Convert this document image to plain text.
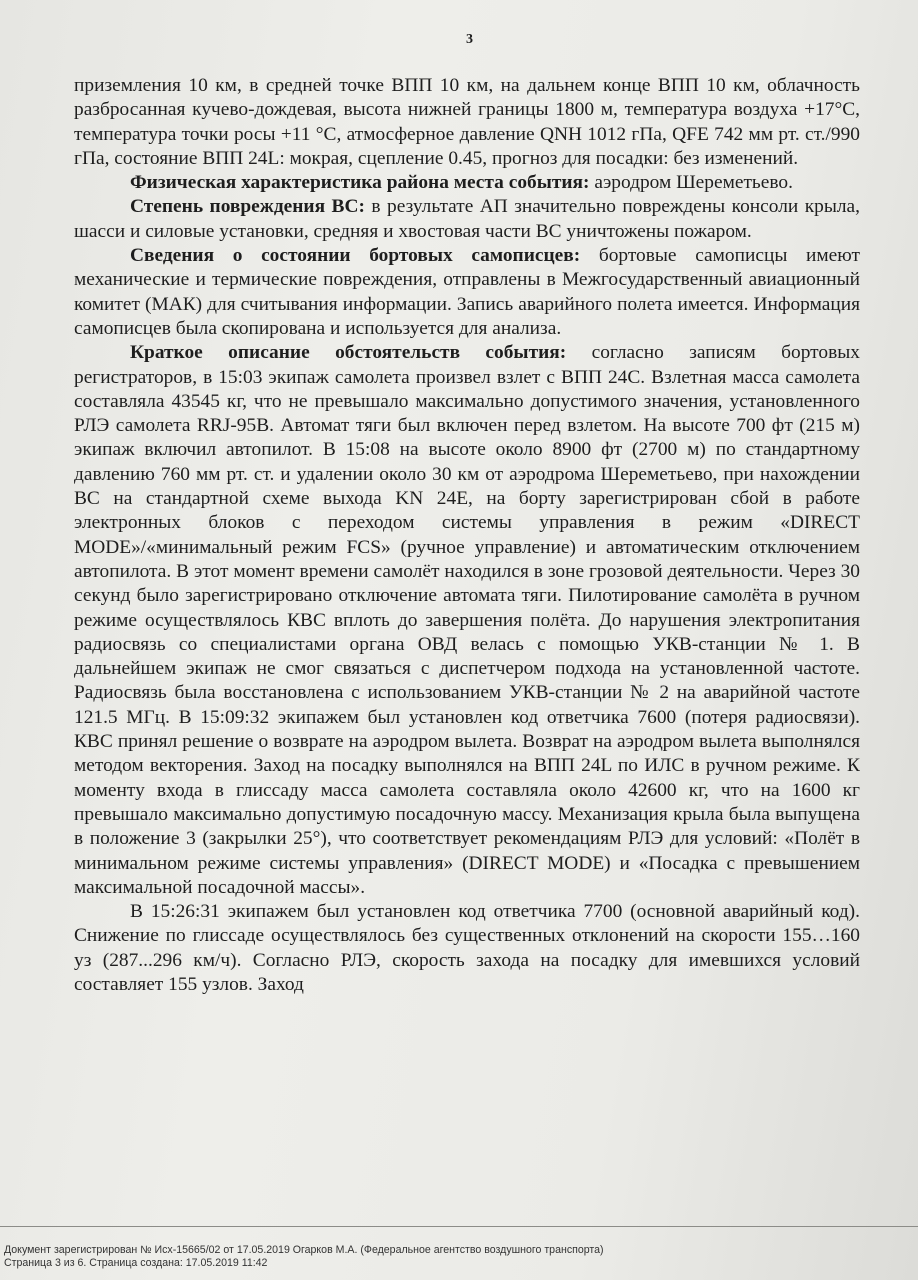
3

приземления 10 км, в средней точке ВПП 10 км, на дальнем конце ВПП 10 км, облачность разбросанная кучево-дождевая, высота нижней границы 1800 м, температура воздуха +17°С, температура точки росы +11 °С, атмосферное давление QNH 1012 гПа, QFE 742 мм рт. ст./990 гПа, состояние ВПП 24L: мокрая, сцепление 0.45, прогноз для посадки: без изменений.

Физическая характеристика района места события: аэродром Шереметьево.

Степень повреждения ВС: в результате АП значительно повреждены консоли крыла, шасси и силовые установки, средняя и хвостовая части ВС уничтожены пожаром.

Сведения о состоянии бортовых самописцев: бортовые самописцы имеют механические и термические повреждения, отправлены в Межгосударственный авиационный комитет (МАК) для считывания информации. Запись аварийного полета имеется. Информация самописцев была скопирована и используется для анализа.

Краткое описание обстоятельств события: согласно записям бортовых регистраторов, в 15:03 экипаж самолета произвел взлет с ВПП 24С. Взлетная масса самолета составляла 43545 кг, что не превышало максимально допустимого значения, установленного РЛЭ самолета RRJ-95B. Автомат тяги был включен перед взлетом. На высоте 700 фт (215 м) экипаж включил автопилот. В 15:08 на высоте около 8900 фт (2700 м) по стандартному давлению 760 мм рт. ст. и удалении около 30 км от аэродрома Шереметьево, при нахождении ВС на стандартной схеме выхода KN 24E, на борту зарегистрирован сбой в работе электронных блоков с переходом системы управления в режим «DIRECT MODE»/«минимальный режим FCS» (ручное управление) и автоматическим отключением автопилота. В этот момент времени самолёт находился в зоне грозовой деятельности. Через 30 секунд было зарегистрировано отключение автомата тяги. Пилотирование самолёта в ручном режиме осуществлялось КВС вплоть до завершения полёта. До нарушения электропитания радиосвязь со специалистами органа ОВД велась с помощью УКВ-станции № 1. В дальнейшем экипаж не смог связаться с диспетчером подхода на установленной частоте. Радиосвязь была восстановлена с использованием УКВ-станции № 2 на аварийной частоте 121.5 МГц. В 15:09:32 экипажем был установлен код ответчика 7600 (потеря радиосвязи). КВС принял решение о возврате на аэродром вылета. Возврат на аэродром вылета выполнялся методом векторения. Заход на посадку выполнялся на ВПП 24L по ИЛС в ручном режиме. К моменту входа в глиссаду масса самолета составляла около 42600 кг, что на 1600 кг превышало максимально допустимую посадочную массу. Механизация крыла была выпущена в положение 3 (закрылки 25°), что соответствует рекомендациям РЛЭ для условий: «Полёт в минимальном режиме системы управления» (DIRECT MODE) и «Посадка с превышением максимальной посадочной массы».

В 15:26:31 экипажем был установлен код ответчика 7700 (основной аварийный код). Снижение по глиссаде осуществлялось без существенных отклонений на скорости 155…160 уз (287...296 км/ч). Согласно РЛЭ, скорость захода на посадку для имевшихся условий составляет 155 узлов. Заход

Документ зарегистрирован № Исх-15665/02 от 17.05.2019 Огарков М.А. (Федеральное агентство воздушного транспорта)
Страница 3 из 6. Страница создана: 17.05.2019 11:42
